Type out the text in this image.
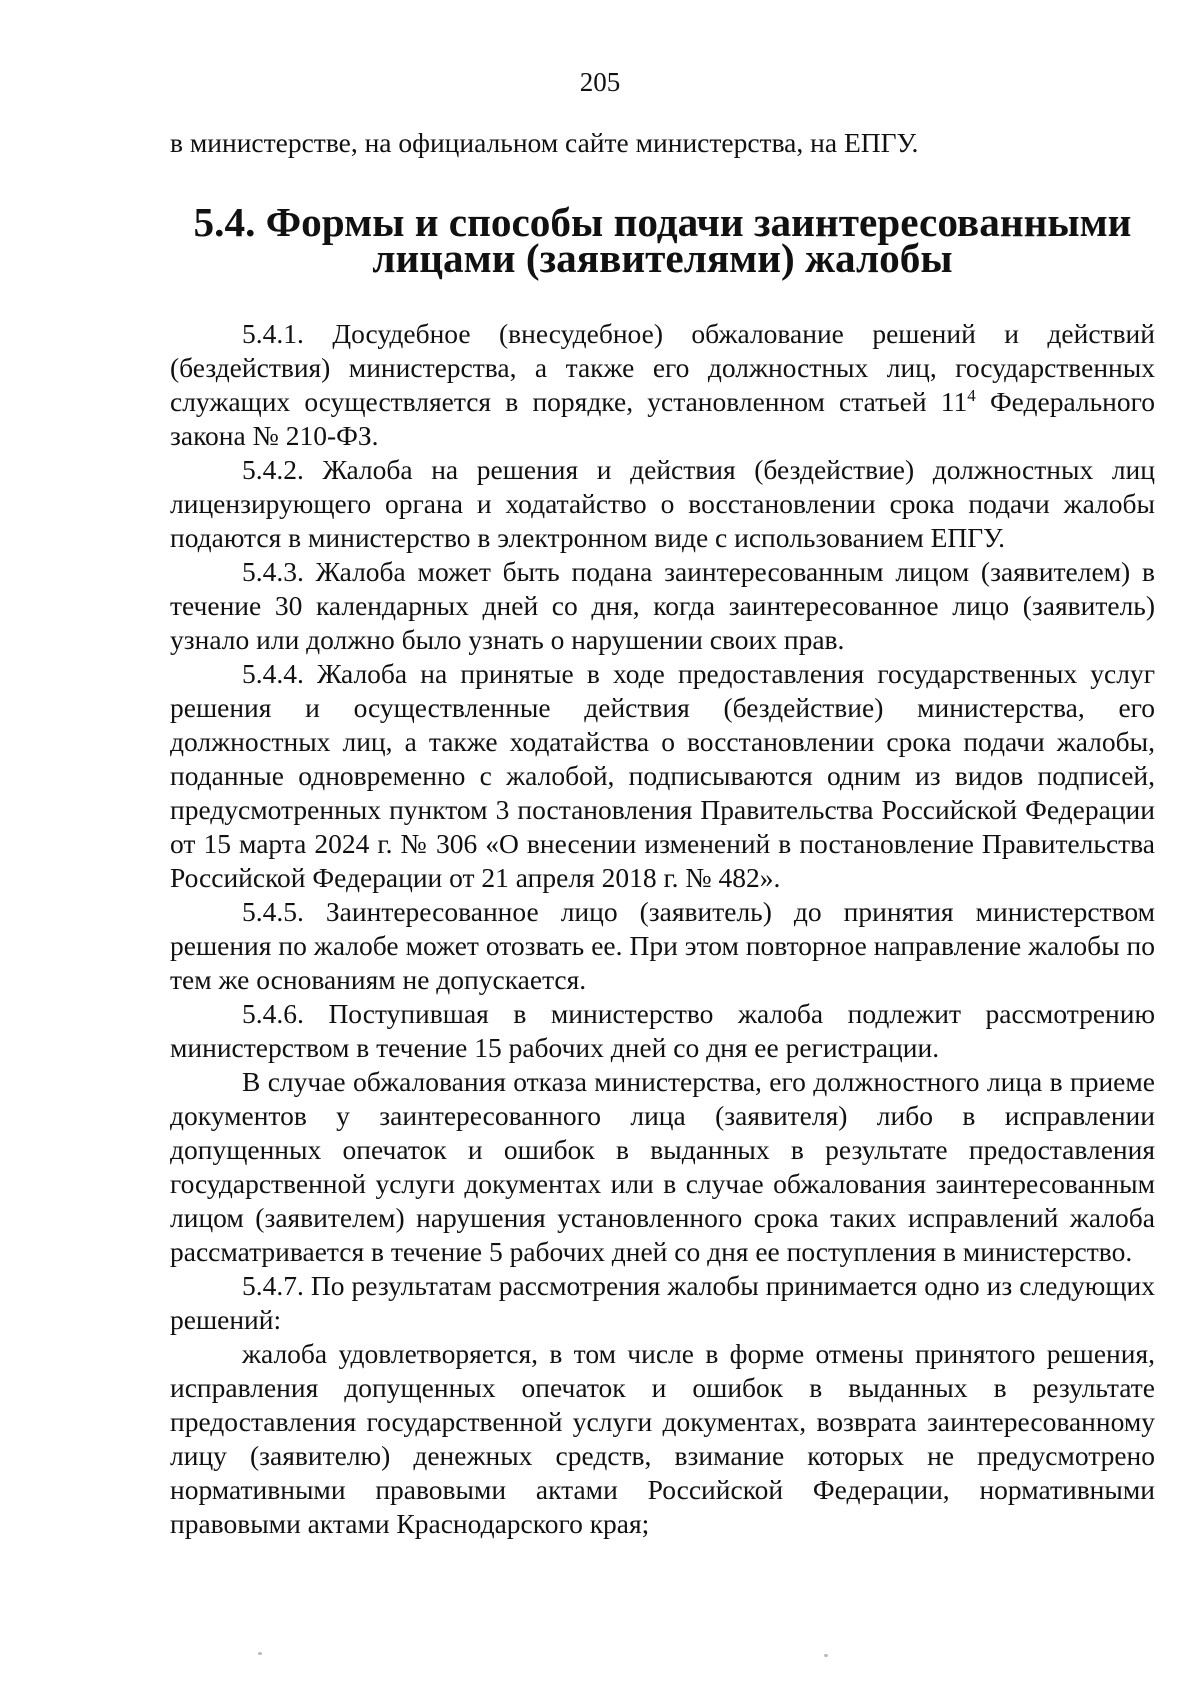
205

в министерстве, на официальном сайте министерства, на ЕПГУ.

5.4. Формы и способы подачи заинтересованными
лицами (заявителями) жалобы

5.4.1. Досудебное (внесудебное) обжалование решений и действий (бездействия) министерства, а также его должностных лиц, государственных служащих осуществляется в порядке, установленном статьей $11^4$ Федерального закона № 210-ФЗ.

5.4.2. Жалоба на решения и действия (бездействие) должностных лиц лицензирующего органа и ходатайство о восстановлении срока подачи жалобы подаются в министерство в электронном виде с использованием ЕПГУ.

5.4.3. Жалоба может быть подана заинтересованным лицом (заявителем) в течение 30 календарных дней со дня, когда заинтересованное лицо (заявитель) узнало или должно было узнать о нарушении своих прав.

5.4.4. Жалоба на принятые в ходе предоставления государственных услуг решения и осуществленные действия (бездействие) министерства, его должностных лиц, а также ходатайства о восстановлении срока подачи жалобы, поданные одновременно с жалобой, подписываются одним из видов подписей, предусмотренных пунктом 3 постановления Правительства Российской Федерации от 15 марта 2024 г. № 306 «О внесении изменений в постановление Правительства Российской Федерации от 21 апреля 2018 г. № 482».

5.4.5. Заинтересованное лицо (заявитель) до принятия министерством решения по жалобе может отозвать ее. При этом повторное направление жалобы по тем же основаниям не допускается.

5.4.6. Поступившая в министерство жалоба подлежит рассмотрению министерством в течение 15 рабочих дней со дня ее регистрации.

В случае обжалования отказа министерства, его должностного лица в приеме документов у заинтересованного лица (заявителя) либо в исправлении допущенных опечаток и ошибок в выданных в результате предоставления государственной услуги документах или в случае обжалования заинтересованным лицом (заявителем) нарушения установленного срока таких исправлений жалоба рассматривается в течение 5 рабочих дней со дня ее поступления в министерство.

5.4.7. По результатам рассмотрения жалобы принимается одно из следующих решений:

жалоба удовлетворяется, в том числе в форме отмены принятого решения, исправления допущенных опечаток и ошибок в выданных в результате предоставления государственной услуги документах, возврата заинтересованному лицу (заявителю) денежных средств, взимание которых не предусмотрено нормативными правовыми актами Российской Федерации, нормативными правовыми актами Краснодарского края;
